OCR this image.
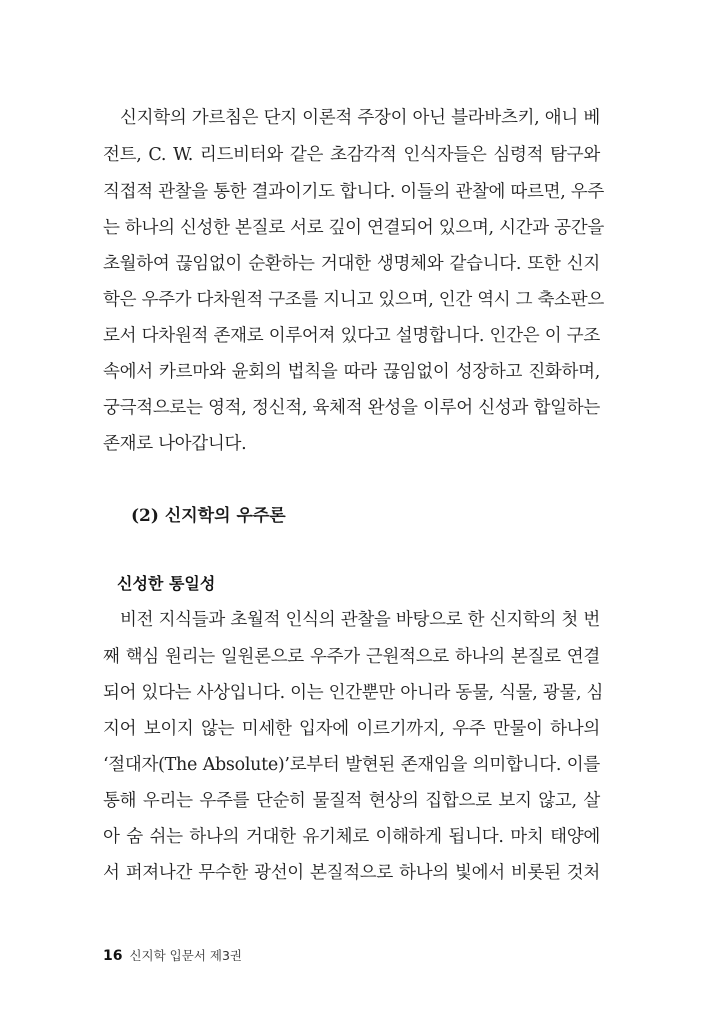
신지학의 가르침은 단지 이론적 주장이 아닌 블라바츠키, 애니 베
전트, C. W. 리드비터와 같은 초감각적 인식자들은 심령적 탐구와
직접적 관찰을 통한 결과이기도 합니다. 이들의 관찰에 따르면, 우주
는 하나의 신성한 본질로 서로 깊이 연결되어 있으며, 시간과 공간을
초월하여 끊임없이 순환하는 거대한 생명체와 같습니다. 또한 신지
학은 우주가 다차원적 구조를 지니고 있으며, 인간 역시 그 축소판으
로서 다차원적 존재로 이루어져 있다고 설명합니다. 인간은 이 구조
속에서 카르마와 윤회의 법칙을 따라 끊임없이 성장하고 진화하며,
궁극적으로는 영적, 정신적, 육체적 완성을 이루어 신성과 합일하는
존재로 나아갑니다.
(2) 신지학의 우주론
신성한 통일성
비전 지식들과 초월적 인식의 관찰을 바탕으로 한 신지학의 첫 번
째 핵심 원리는 일원론으로 우주가 근원적으로 하나의 본질로 연결
되어 있다는 사상입니다. 이는 인간뿐만 아니라 동물, 식물, 광물, 심
지어 보이지 않는 미세한 입자에 이르기까지, 우주 만물이 하나의
‘절대자(The Absolute)’로부터 발현된 존재임을 의미합니다. 이를
통해 우리는 우주를 단순히 물질적 현상의 집합으로 보지 않고, 살
아 숨 쉬는 하나의 거대한 유기체로 이해하게 됩니다. 마치 태양에
서 퍼져나간 무수한 광선이 본질적으로 하나의 빛에서 비롯된 것처
16 신지학 입문서 제3권
